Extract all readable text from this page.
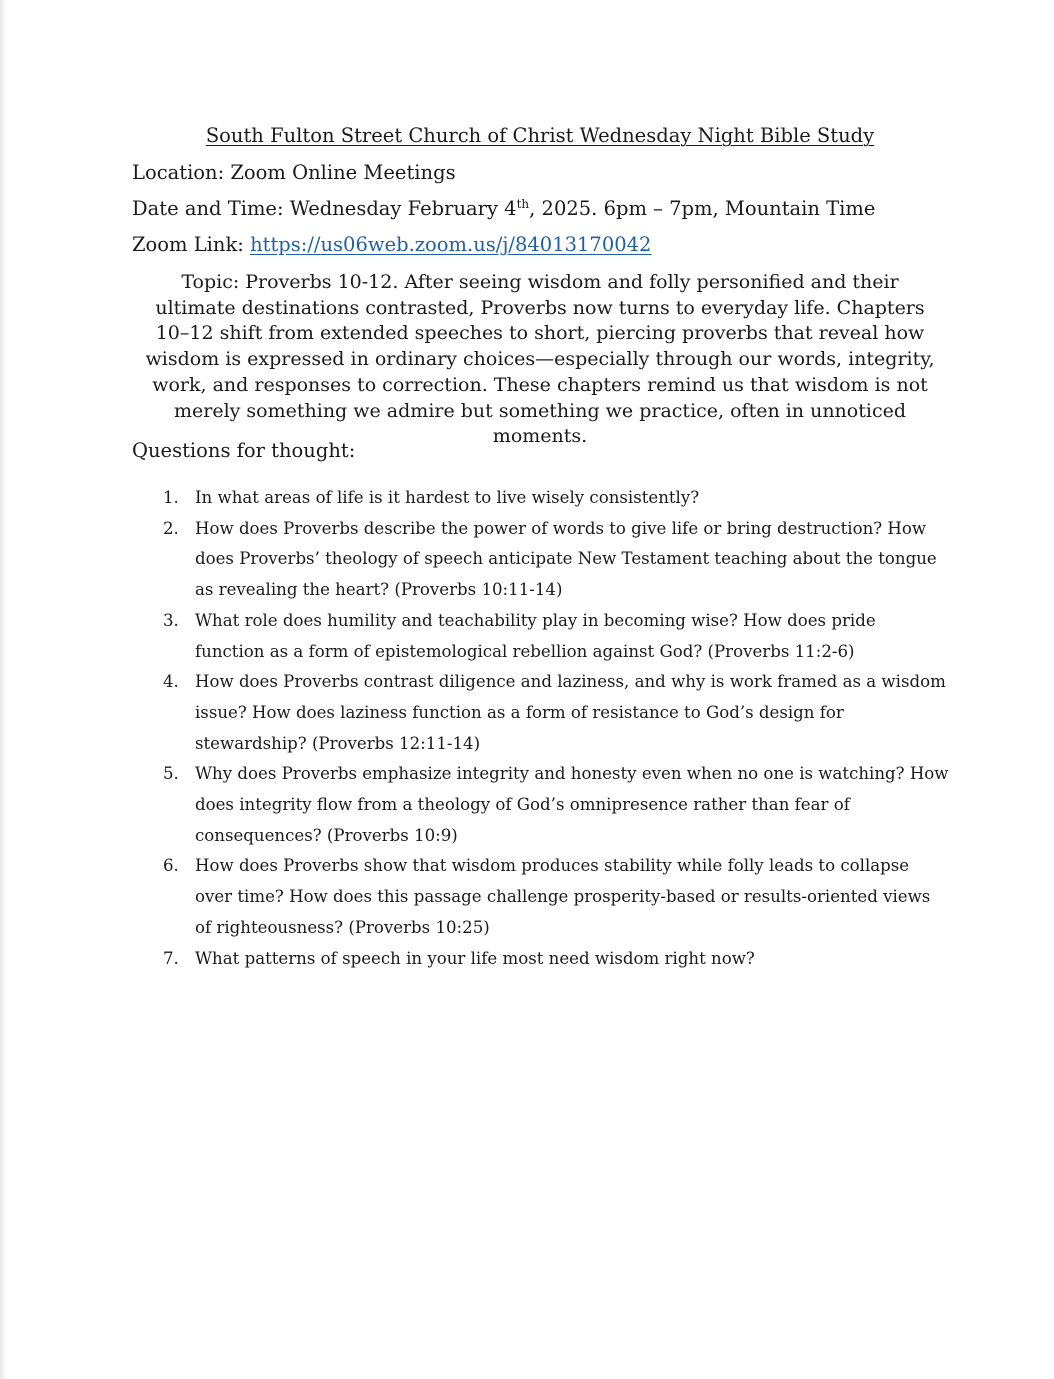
South Fulton Street Church of Christ Wednesday Night Bible Study
Location: Zoom Online Meetings
Date and Time: Wednesday February 4th, 2025. 6pm – 7pm, Mountain Time
Zoom Link: https://us06web.zoom.us/j/84013170042
Topic: Proverbs 10-12. After seeing wisdom and folly personified and their ultimate destinations contrasted, Proverbs now turns to everyday life. Chapters 10–12 shift from extended speeches to short, piercing proverbs that reveal how wisdom is expressed in ordinary choices—especially through our words, integrity, work, and responses to correction. These chapters remind us that wisdom is not merely something we admire but something we practice, often in unnoticed moments.
Questions for thought:
1. In what areas of life is it hardest to live wisely consistently?
2. How does Proverbs describe the power of words to give life or bring destruction? How does Proverbs’ theology of speech anticipate New Testament teaching about the tongue as revealing the heart? (Proverbs 10:11-14)
3. What role does humility and teachability play in becoming wise? How does pride function as a form of epistemological rebellion against God? (Proverbs 11:2-6)
4. How does Proverbs contrast diligence and laziness, and why is work framed as a wisdom issue? How does laziness function as a form of resistance to God’s design for stewardship? (Proverbs 12:11-14)
5. Why does Proverbs emphasize integrity and honesty even when no one is watching? How does integrity flow from a theology of God’s omnipresence rather than fear of consequences? (Proverbs 10:9)
6. How does Proverbs show that wisdom produces stability while folly leads to collapse over time? How does this passage challenge prosperity-based or results-oriented views of righteousness? (Proverbs 10:25)
7. What patterns of speech in your life most need wisdom right now?
